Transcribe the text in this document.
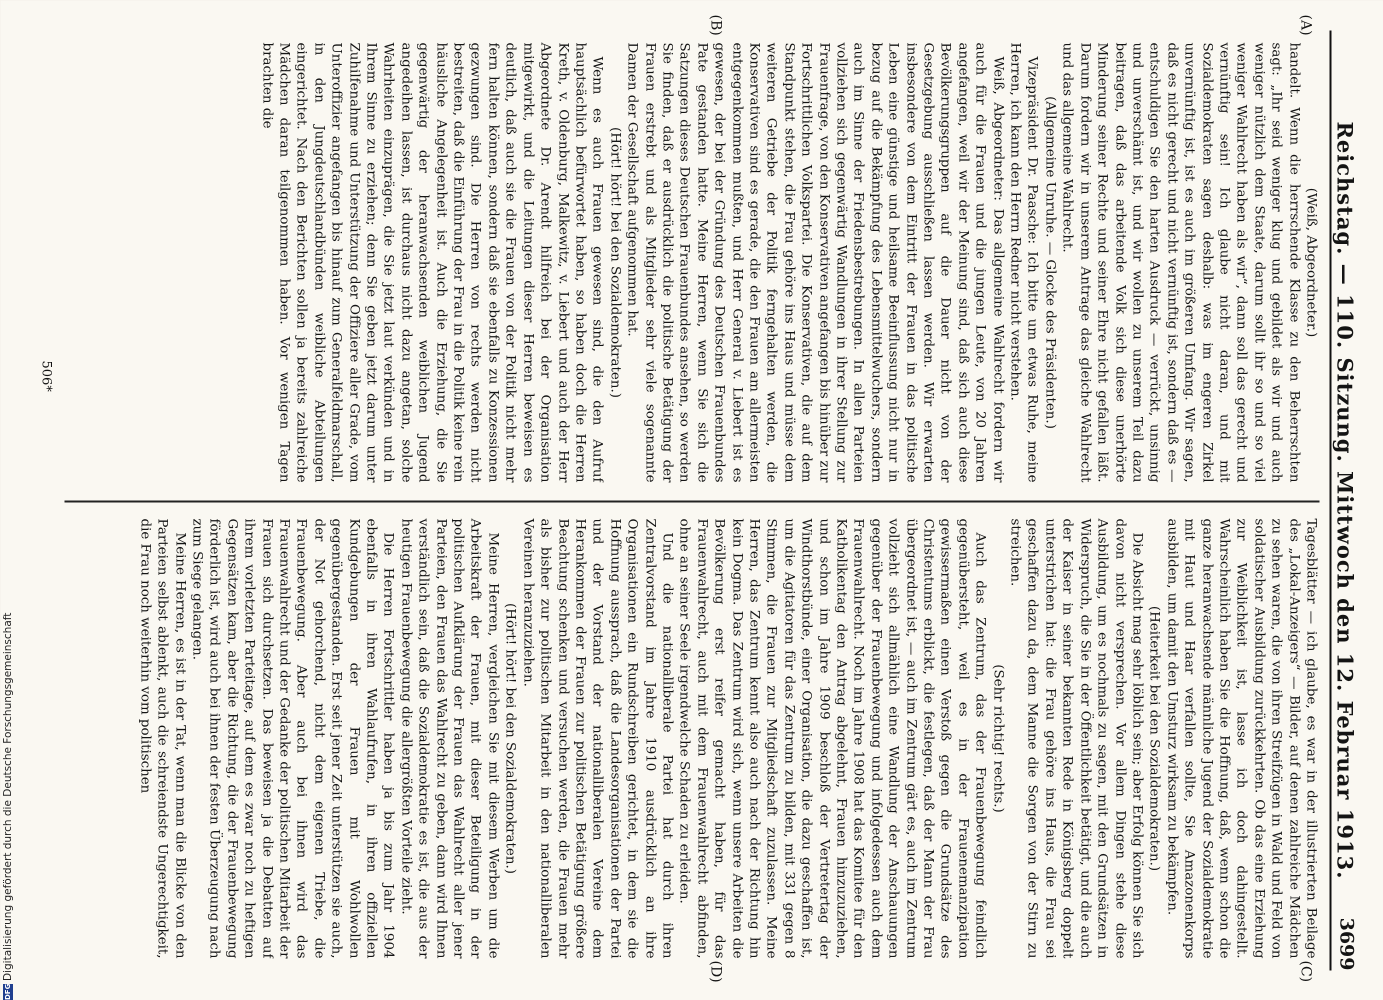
Reichstag. — 110. Sitzung. Mittwoch den 12. Februar 1913.
3699
(A)
(B)
(C)
(D)

(Weiß, Abgeordneter.)

handelt. Wenn die herrschende Klasse zu den Beherrschten sagt: „Ihr seid weniger klug und gebildet als wir und auch weniger nützlich dem Staate, darum sollt ihr so und so viel weniger Wahlrecht haben als wir“, dann soll das gerecht und vernünftig sein! Ich glaube nicht daran, und mit Sozialdemokraten sagen deshalb: was im engeren Zirkel unvernünftig ist, ist es auch im größeren Umfang. Wir sagen, daß es nicht gerecht und nicht vernünftig ist, sondern daß es — entschuldigen Sie den harten Ausdruck — verrückt, unsinnig und unverschämt ist, und wir wollen zu unserem Teil dazu beitragen, daß das arbeitende Volk sich diese unerhörte Minderung seiner Rechte und seiner Ehre nicht gefallen läßt. Darum fordern wir in unserem Antrage das gleiche Wahlrecht und das allgemeine Wahlrecht.

(Allgemeine Unruhe. — Glocke des Präsidenten.)

Vizepräsident Dr. Paasche: Ich bitte um etwas Ruhe, meine Herren, ich kann den Herrn Redner nicht verstehen.

Weiß, Abgeordneter: Das allgemeine Wahlrecht fordern wir auch für die Frauen und die jungen Leute, von 20 Jahren angefangen, weil wir der Meinung sind, daß sich auch diese Bevölkerungsgruppen auf die Dauer nicht von der Gesetzgebung ausschließen lassen werden. Wir erwarten insbesondere von dem Eintritt der Frauen in das politische Leben eine günstige und heilsame Beeinflussung nicht nur in bezug auf die Bekämpfung des Lebensmittelwuchers, sondern auch im Sinne der Friedensbestrebungen. In allen Parteien vollziehen sich gegenwärtig Wandlungen in ihrer Stellung zur Frauenfrage, von den Konservativen angefangen bis hinüber zur Fortschrittlichen Volkspartei. Die Konservativen, die auf dem Standpunkt stehen, die Frau gehöre ins Haus und müsse dem weiteren Getriebe der Politik ferngehalten werden, die Konservativen sind es gerade, die den Frauen am allermeisten entgegenkommen mußten, und Herr General v. Liebert ist es gewesen, der bei der Gründung des Deutschen Frauenbundes Pate gestanden hatte. Meine Herren, wenn Sie sich die Satzungen dieses Deutschen Frauenbundes ansehen, so werden Sie finden, daß er ausdrücklich die politische Betätigung der Frauen erstrebt und als Mitglieder sehr viele sogenannte Damen der Gesellschaft aufgenommen hat.

(Hört! hört! bei den Sozialdemokraten.)

Wenn es auch Frauen gewesen sind, die den Aufruf hauptsächlich befürwortet haben, so haben doch die Herren Kreth, v. Oldenburg, Malkewitz, v. Liebert und auch der Herr Abgeordnete Dr. Arendt hilfreich bei der Organisation mitgewirkt, und die Leitungen dieser Herren beweisen es deutlich, daß auch sie die Frauen von der Politik nicht mehr fern halten können, sondern daß sie ebenfalls zu Konzessionen gezwungen sind. Die Herren von rechts werden nicht bestreiten, daß die Einführung der Frau in die Politik keine rein häusliche Angelegenheit ist. Auch die Erziehung, die Sie gegenwärtig der heranwachsenden weiblichen Jugend angedeihen lassen, ist durchaus nicht dazu angetan, solche Wahrheiten einzuprägen, die Sie jetzt laut verkünden und in Ihrem Sinne zu erziehen; denn Sie geben jetzt darum unter Zuhilfenahme und Unterstützung der Offiziere aller Grade, vom Unteroffizier angefangen bis hinauf zum Generalfeldmarschall, in den Jungdeutschlandbünden weibliche Abteilungen eingerichtet. Nach den Berichten sollen ja bereits zahlreiche Mädchen daran teilgenommen haben. Vor wenigen Tagen brachten die

Tagesblätter — ich glaube, es war in der illustrierten Beilage des „Lokal-Anzeigers“ — Bilder, auf denen zahlreiche Mädchen zu sehen waren, die von ihren Streifzügen in Wald und Feld von soldatischer Ausbildung zurückkehrten. Ob das eine Erziehung zur Weiblichkeit ist, lasse ich doch dahingestellt. Wahrscheinlich haben Sie die Hoffnung, daß, wenn schon die ganze heranwachsende männliche Jugend der Sozialdemokratie mit Haut und Haar verfallen sollte, Sie Amazonenkorps ausbilden, um damit den Umsturz wirksam zu bekämpfen.

(Heiterkeit bei den Sozialdemokraten.)

Die Absicht mag sehr löblich sein; aber Erfolg können Sie sich davon nicht versprechen. Vor allem Dingen stehe diese Ausbildung, um es nochmals zu sagen, mit den Grundsätzen in Widerspruch, die Sie in der Öffentlichkeit betätigt, und die auch der Kaiser in seiner bekannten Rede in Königsberg doppelt unterstrichen hat: die Frau gehöre ins Haus, die Frau sei geschaffen dazu da, dem Manne die Sorgen von der Stirn zu streichen.

(Sehr richtig! rechts.)

Auch das Zentrum, das der Frauenbewegung feindlich gegenübersteht, weil es in der Frauenemanzipation gewissermaßen einen Verstoß gegen die Grundsätze des Christentums erblickt, die festlegen, daß der Mann der Frau übergeordnet ist, — auch im Zentrum gärt es, auch im Zentrum vollzieht sich allmählich eine Wandlung der Anschauungen gegenüber der Frauenbewegung und infolgedessen auch dem Frauenwahlrecht. Noch im Jahre 1908 hat das Komitee für den Katholikentag den Antrag abgelehnt, Frauen hinzuzuziehen, und schon im Jahre 1909 beschloß der Vertretertag der Windthorstbünde, einer Organisation, die dazu geschaffen ist, um die Agitatoren für das Zentrum zu bilden, mit 331 gegen 8 Stimmen, die Frauen zur Mitgliedschaft zuzulassen. Meine Herren, das Zentrum kennt also auch nach der Richtung hin kein Dogma. Das Zentrum wird sich, wenn unsere Arbeiten die Bevölkerung erst reifer gemacht haben, für das Frauenwahlrecht, auch mit dem Frauenwahlrecht abfinden, ohne an seiner Seele irgendwelche Schaden zu erleiden.

Und die nationalliberale Partei hat durch ihren Zentralvorstand im Jahre 1910 ausdrücklich an ihre Organisationen ein Rundschreiben gerichtet, in dem sie die Hoffnung aussprach, daß die Landesorganisationen der Partei und der Vorstand der nationalliberalen Vereine dem Herankommen der Frauen zur politischen Betätigung größere Beachtung schenken und versuchen werden, die Frauen mehr als bisher zur politischen Mitarbeit in den nationalliberalen Vereinen heranzuziehen.

(Hört! hört! bei den Sozialdemokraten.)

Meine Herren, vergleichen Sie mit diesem Werben um die Arbeitskraft der Frauen, mit dieser Beteiligung in der politischen Aufklärung der Frauen das Wahlrecht aller jener Parteien, den Frauen das Wahlrecht zu geben, dann wird Ihnen verständlich sein, daß die Sozialdemokratie es ist, die aus der heutigen Frauenbewegung die allergrößten Vorteile zieht.

Die Herren Fortschrittler haben ja bis zum Jahr 1904 ebenfalls in ihren Wahlaufrufen, in ihren offiziellen Kundgebungen der Frauen mit Wohlwollen gegenübergestanden. Erst seit jener Zeit unterstützen sie auch, der Not gehorchend, nicht dem eigenen Triebe, die Frauenbewegung. Aber auch bei ihnen wird das Frauenwahlrecht und der Gedanke der politischen Mitarbeit der Frauen sich durchsetzen. Das beweisen ja die Debatten auf ihrem vorletzten Parteitage, auf dem es zwar noch zu heftigen Gegensätzen kam, aber die Richtung, die der Frauenbewegung förderlich ist, wird auch bei ihnen der festen Überzeugung nach zum Siege gelangen.

Meine Herren, es ist in der Tat, wenn man die Blicke von den Parteien selbst ablenkt, auch die schreiendste Ungerechtigkeit, die Frau noch weiterhin vom politischen

506*
DFGDigitalisierung gefördert durch die Deutsche Forschungsgemeinschaft
